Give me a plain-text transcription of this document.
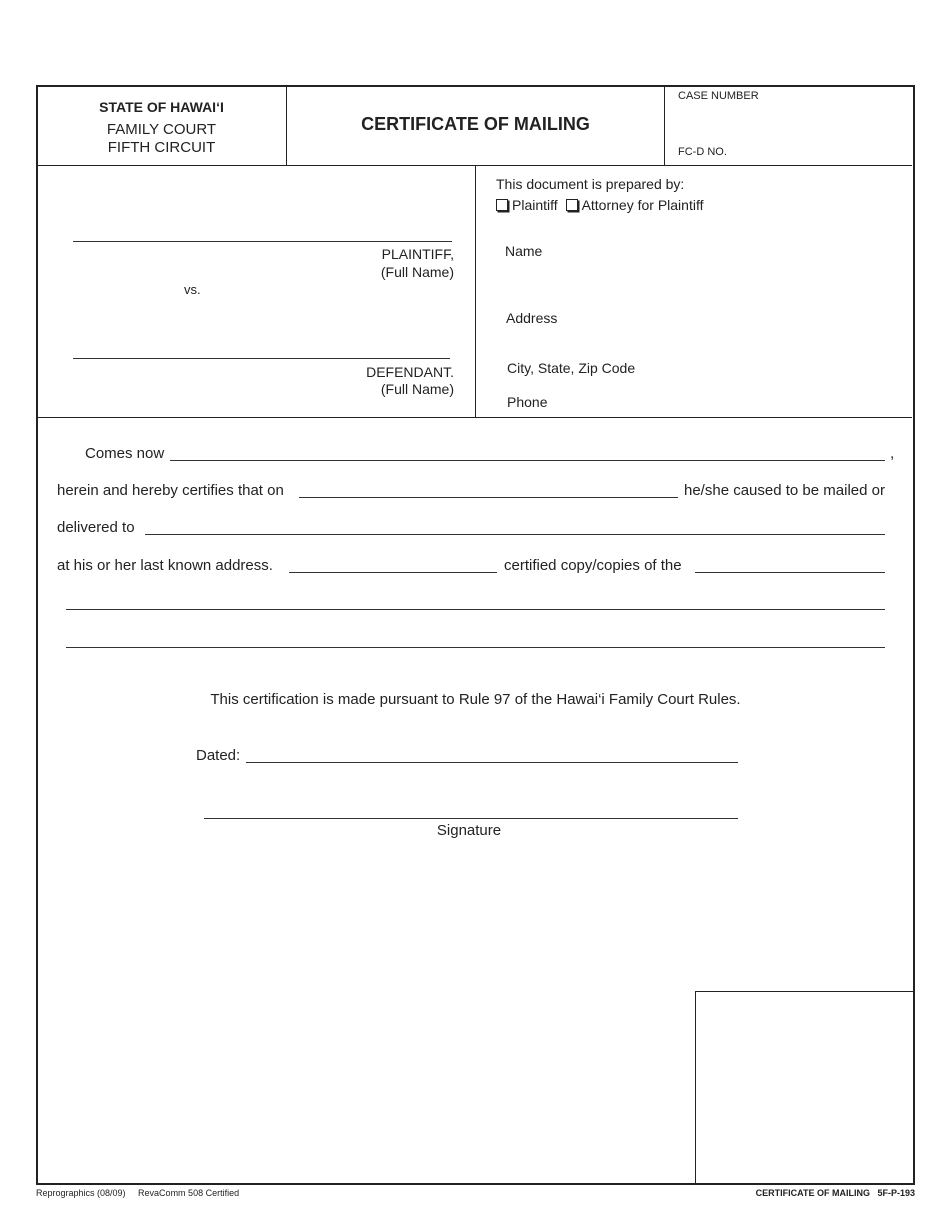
STATE OF HAWAI‘I
FAMILY COURT
FIFTH CIRCUIT
CERTIFICATE OF MAILING
CASE NUMBER
FC-D NO.
PLAINTIFF,
(Full Name)
vs.
DEFENDANT.
(Full Name)
This document is prepared by:
Plaintiff Attorney for Plaintiff
Name
Address
City, State, Zip Code
Phone
Comes now	,
herein and hereby certifies that on	he/she caused to be mailed or
delivered to
at his or her last known address.	certified copy/copies of the
This certification is made pursuant to Rule 97 of the Hawai‘i Family Court Rules.
Dated:
Signature
Reprographics (08/09)     RevaComm 508 Certified	CERTIFICATE OF MAILING   5F-P-193
